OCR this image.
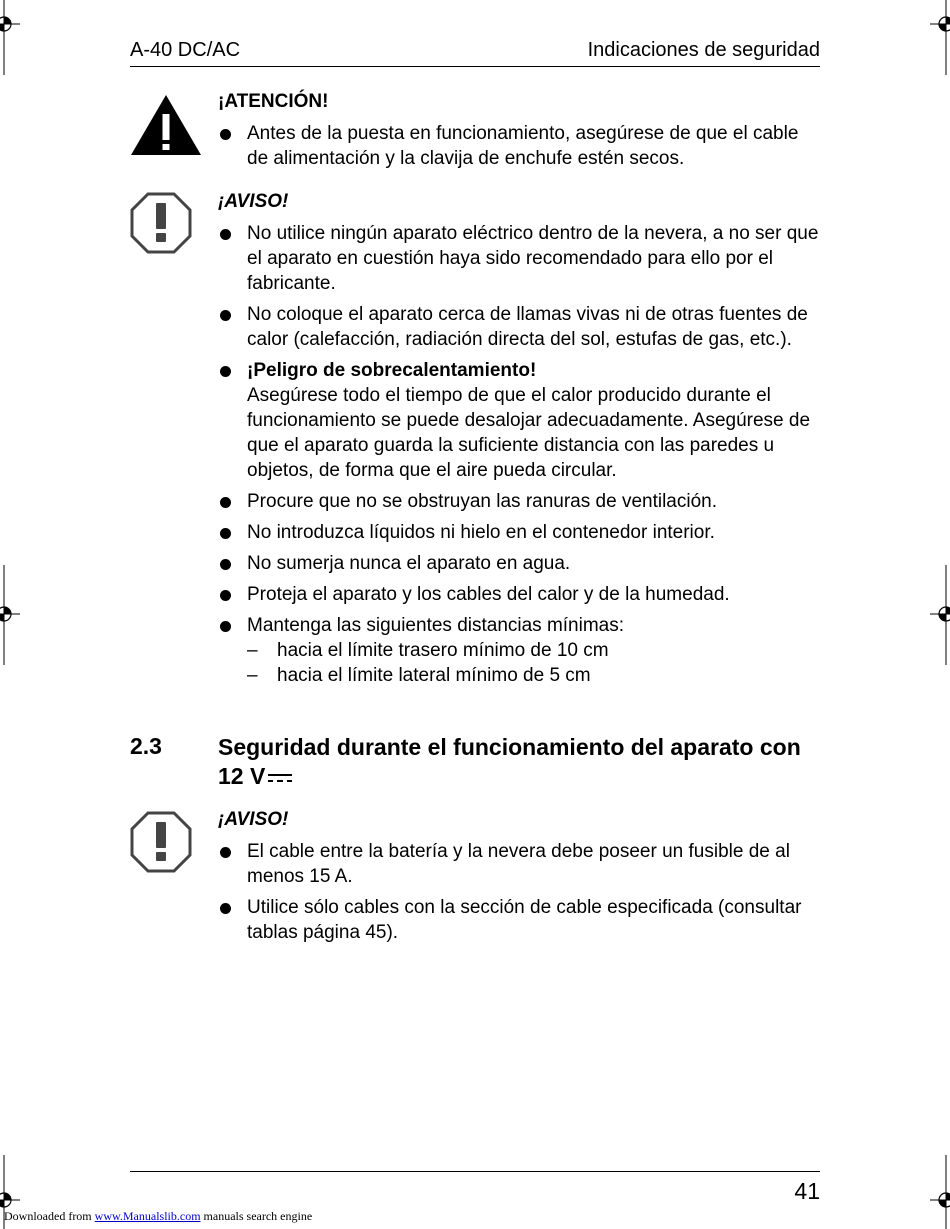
A-40 DC/AC	Indicaciones de seguridad
¡ATENCIÓN!
Antes de la puesta en funcionamiento, asegúrese de que el cable de alimentación y la clavija de enchufe estén secos.
¡AVISO!
No utilice ningún aparato eléctrico dentro de la nevera, a no ser que el aparato en cuestión haya sido recomendado para ello por el fabricante.
No coloque el aparato cerca de llamas vivas ni de otras fuentes de calor (calefacción, radiación directa del sol, estufas de gas, etc.).
¡Peligro de sobrecalentamiento!
Asegúrese todo el tiempo de que el calor producido durante el funcionamiento se puede desalojar adecuadamente. Asegúrese de que el aparato guarda la suficiente distancia con las paredes u objetos, de forma que el aire pueda circular.
Procure que no se obstruyan las ranuras de ventilación.
No introduzca líquidos ni hielo en el contenedor interior.
No sumerja nunca el aparato en agua.
Proteja el aparato y los cables del calor y de la humedad.
Mantenga las siguientes distancias mínimas:
– hacia el límite trasero mínimo de 10 cm
– hacia el límite lateral mínimo de 5 cm
2.3 Seguridad durante el funcionamiento del aparato con 12 V
¡AVISO!
El cable entre la batería y la nevera debe poseer un fusible de al menos 15 A.
Utilice sólo cables con la sección de cable especificada (consultar tablas página 45).
41
Downloaded from www.Manualslib.com manuals search engine
